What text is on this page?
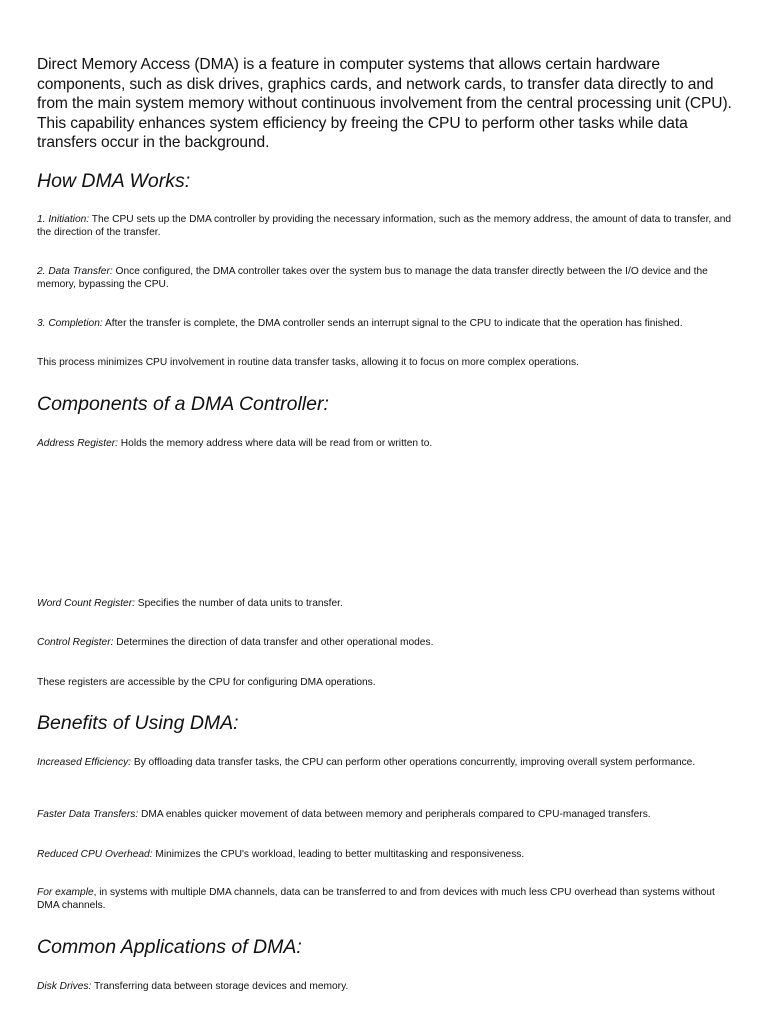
Direct Memory Access (DMA) is a feature in computer systems that allows certain hardware components, such as disk drives, graphics cards, and network cards, to transfer data directly to and from the main system memory without continuous involvement from the central processing unit (CPU). This capability enhances system efficiency by freeing the CPU to perform other tasks while data transfers occur in the background.

How DMA Works:

1. Initiation: The CPU sets up the DMA controller by providing the necessary information, such as the memory address, the amount of data to transfer, and the direction of the transfer.

2. Data Transfer: Once configured, the DMA controller takes over the system bus to manage the data transfer directly between the I/O device and the memory, bypassing the CPU.

3. Completion: After the transfer is complete, the DMA controller sends an interrupt signal to the CPU to indicate that the operation has finished.

This process minimizes CPU involvement in routine data transfer tasks, allowing it to focus on more complex operations.

Components of a DMA Controller:

Address Register: Holds the memory address where data will be read from or written to.

Word Count Register: Specifies the number of data units to transfer.

Control Register: Determines the direction of data transfer and other operational modes.

These registers are accessible by the CPU for configuring DMA operations.

Benefits of Using DMA:

Increased Efficiency: By offloading data transfer tasks, the CPU can perform other operations concurrently, improving overall system performance.

Faster Data Transfers: DMA enables quicker movement of data between memory and peripherals compared to CPU-managed transfers.

Reduced CPU Overhead: Minimizes the CPU's workload, leading to better multitasking and responsiveness.

For example, in systems with multiple DMA channels, data can be transferred to and from devices with much less CPU overhead than systems without DMA channels.

Common Applications of DMA:

Disk Drives: Transferring data between storage devices and memory.
